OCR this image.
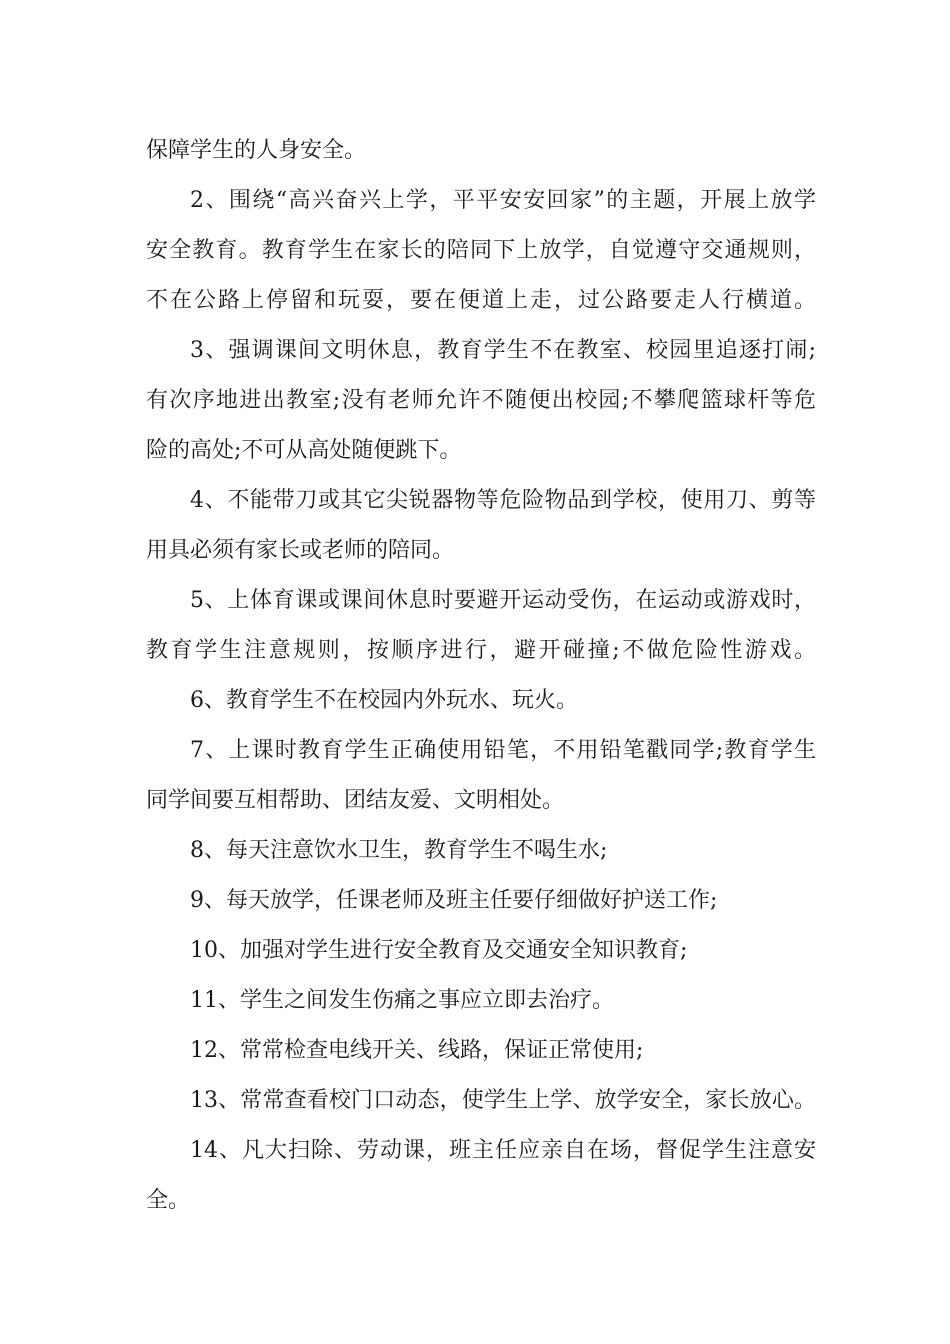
保障学生的人身安全。

2、围绕“高兴奋兴上学，平平安安回家”的主题，开展上放学

安全教育。教育学生在家长的陪同下上放学，自觉遵守交通规则，

不在公路上停留和玩耍，要在便道上走，过公路要走人行横道。

3、强调课间文明休息，教育学生不在教室、校园里追逐打闹;

有次序地进出教室;没有老师允许不随便出校园;不攀爬篮球杆等危

险的高处;不可从高处随便跳下。

4、不能带刀或其它尖锐器物等危险物品到学校，使用刀、剪等

用具必须有家长或老师的陪同。

5、上体育课或课间休息时要避开运动受伤，在运动或游戏时，

教育学生注意规则，按顺序进行，避开碰撞;不做危险性游戏。

6、教育学生不在校园内外玩水、玩火。

7、上课时教育学生正确使用铅笔，不用铅笔戳同学;教育学生

同学间要互相帮助、团结友爱、文明相处。

8、每天注意饮水卫生，教育学生不喝生水;

9、每天放学，任课老师及班主任要仔细做好护送工作;

10、加强对学生进行安全教育及交通安全知识教育;

11、学生之间发生伤痛之事应立即去治疗。

12、常常检查电线开关、线路，保证正常使用;

13、常常查看校门口动态，使学生上学、放学安全，家长放心。

14、凡大扫除、劳动课，班主任应亲自在场，督促学生注意安

全。
